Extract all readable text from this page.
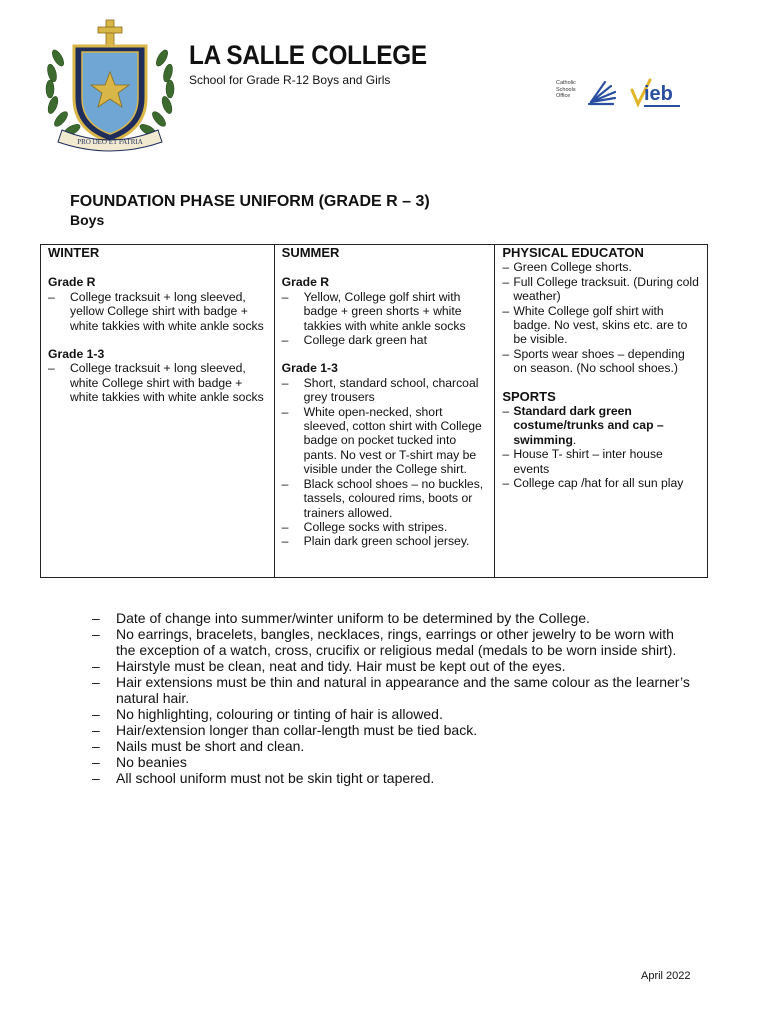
PRO DEO ET PATRIA
LA SALLE COLLEGE
School for Grade R-12 Boys and Girls	Catholic
Schools
Office	ieb
FOUNDATION PHASE UNIFORM (GRADE R – 3)
Boys
WINTER
Grade R
– College tracksuit + long sleeved, yellow College shirt with badge + white takkies with white ankle socks
Grade 1-3
– College tracksuit + long sleeved, white College shirt with badge + white takkies with white ankle socks
SUMMER
Grade R
– Yellow, College golf shirt with badge + green shorts + white takkies with white ankle socks
– College dark green hat
Grade 1-3
– Short, standard school, charcoal grey trousers
– White open-necked, short sleeved, cotton shirt with College badge on pocket tucked into pants. No vest or T-shirt may be visible under the College shirt.
– Black school shoes – no buckles, tassels, coloured rims, boots or trainers allowed.
– College socks with stripes.
– Plain dark green school jersey.
PHYSICAL EDUCATON
– Green College shorts.
– Full College tracksuit. (During cold weather)
– White College golf shirt with badge. No vest, skins etc. are to be visible.
– Sports wear shoes – depending on season. (No school shoes.)
SPORTS
– Standard dark green costume/trunks and cap – swimming.
– House T- shirt – inter house events
– College cap /hat for all sun play
– Date of change into summer/winter uniform to be determined by the College.
– No earrings, bracelets, bangles, necklaces, rings, earrings or other jewelry to be worn with the exception of a watch, cross, crucifix or religious medal (medals to be worn inside shirt).
– Hairstyle must be clean, neat and tidy. Hair must be kept out of the eyes.
– Hair extensions must be thin and natural in appearance and the same colour as the learner’s natural hair.
– No highlighting, colouring or tinting of hair is allowed.
– Hair/extension longer than collar-length must be tied back.
– Nails must be short and clean.
– No beanies
– All school uniform must not be skin tight or tapered.
April 2022
